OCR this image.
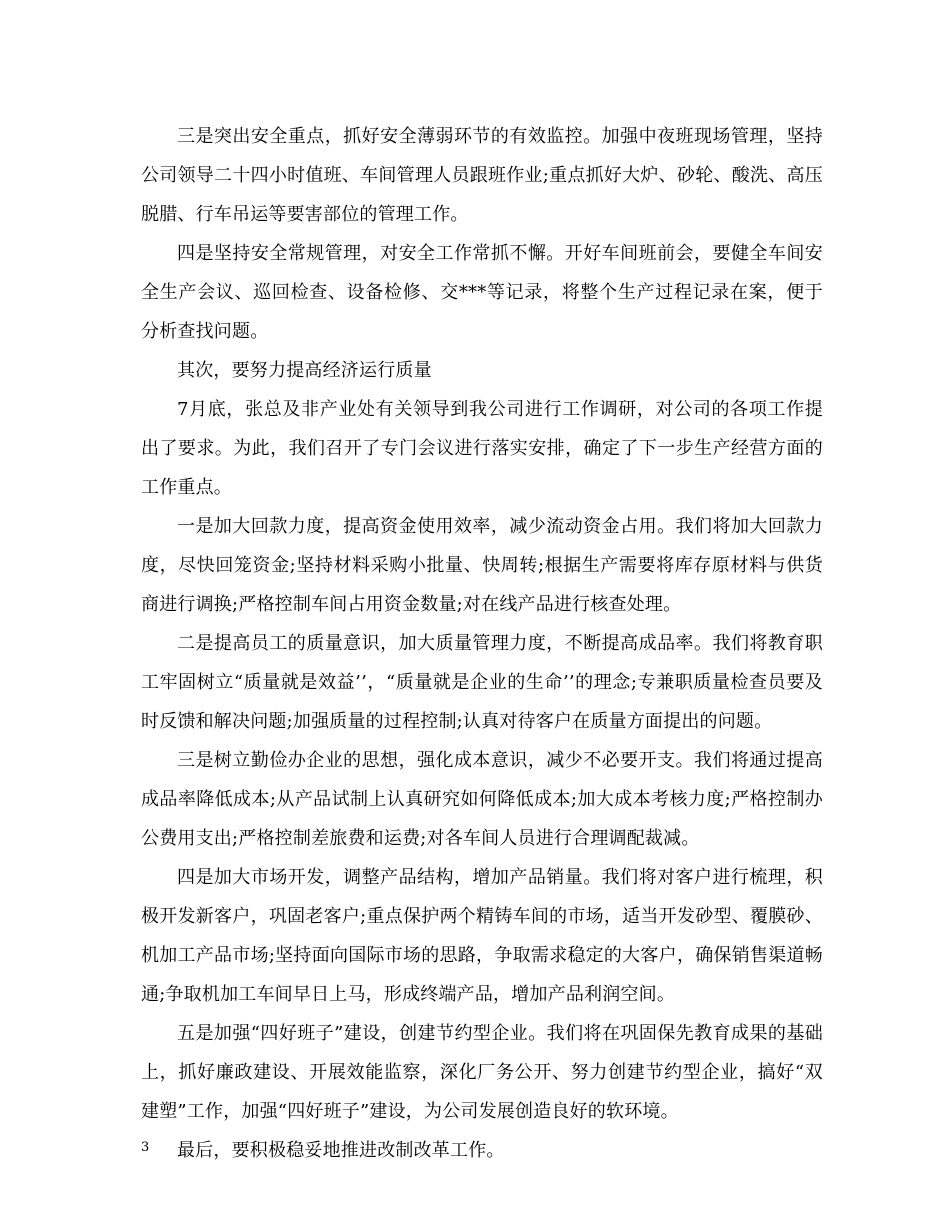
三是突出安全重点，抓好安全薄弱环节的有效监控。加强中夜班现场管理，坚持公司领导二十四小时值班、车间管理人员跟班作业;重点抓好大炉、砂轮、酸洗、高压脱腊、行车吊运等要害部位的管理工作。

四是坚持安全常规管理，对安全工作常抓不懈。开好车间班前会，要健全车间安全生产会议、巡回检查、设备检修、交***等记录，将整个生产过程记录在案，便于分析查找问题。

其次，要努力提高经济运行质量

7月底，张总及非产业处有关领导到我公司进行工作调研，对公司的各项工作提出了要求。为此，我们召开了专门会议进行落实安排，确定了下一步生产经营方面的工作重点。

一是加大回款力度，提高资金使用效率，减少流动资金占用。我们将加大回款力度，尽快回笼资金;坚持材料采购小批量、快周转;根据生产需要将库存原材料与供货商进行调换;严格控制车间占用资金数量;对在线产品进行核查处理。

二是提高员工的质量意识，加大质量管理力度，不断提高成品率。我们将教育职工牢固树立“质量就是效益’’，“质量就是企业的生命’’的理念;专兼职质量检查员要及时反馈和解决问题;加强质量的过程控制;认真对待客户在质量方面提出的问题。

三是树立勤俭办企业的思想，强化成本意识，减少不必要开支。我们将通过提高成品率降低成本;从产品试制上认真研究如何降低成本;加大成本考核力度;严格控制办公费用支出;严格控制差旅费和运费;对各车间人员进行合理调配裁减。

四是加大市场开发，调整产品结构，增加产品销量。我们将对客户进行梳理，积极开发新客户，巩固老客户;重点保护两个精铸车间的市场，适当开发砂型、覆膜砂、机加工产品市场;坚持面向国际市场的思路，争取需求稳定的大客户，确保销售渠道畅通;争取机加工车间早日上马，形成终端产品，增加产品利润空间。

五是加强“四好班子”建设，创建节约型企业。我们将在巩固保先教育成果的基础上，抓好廉政建设、开展效能监察，深化厂务公开、努力创建节约型企业，搞好“双建塑”工作，加强“四好班子”建设，为公司发展创造良好的软环境。

最后，要积极稳妥地推进改制改革工作。

3
